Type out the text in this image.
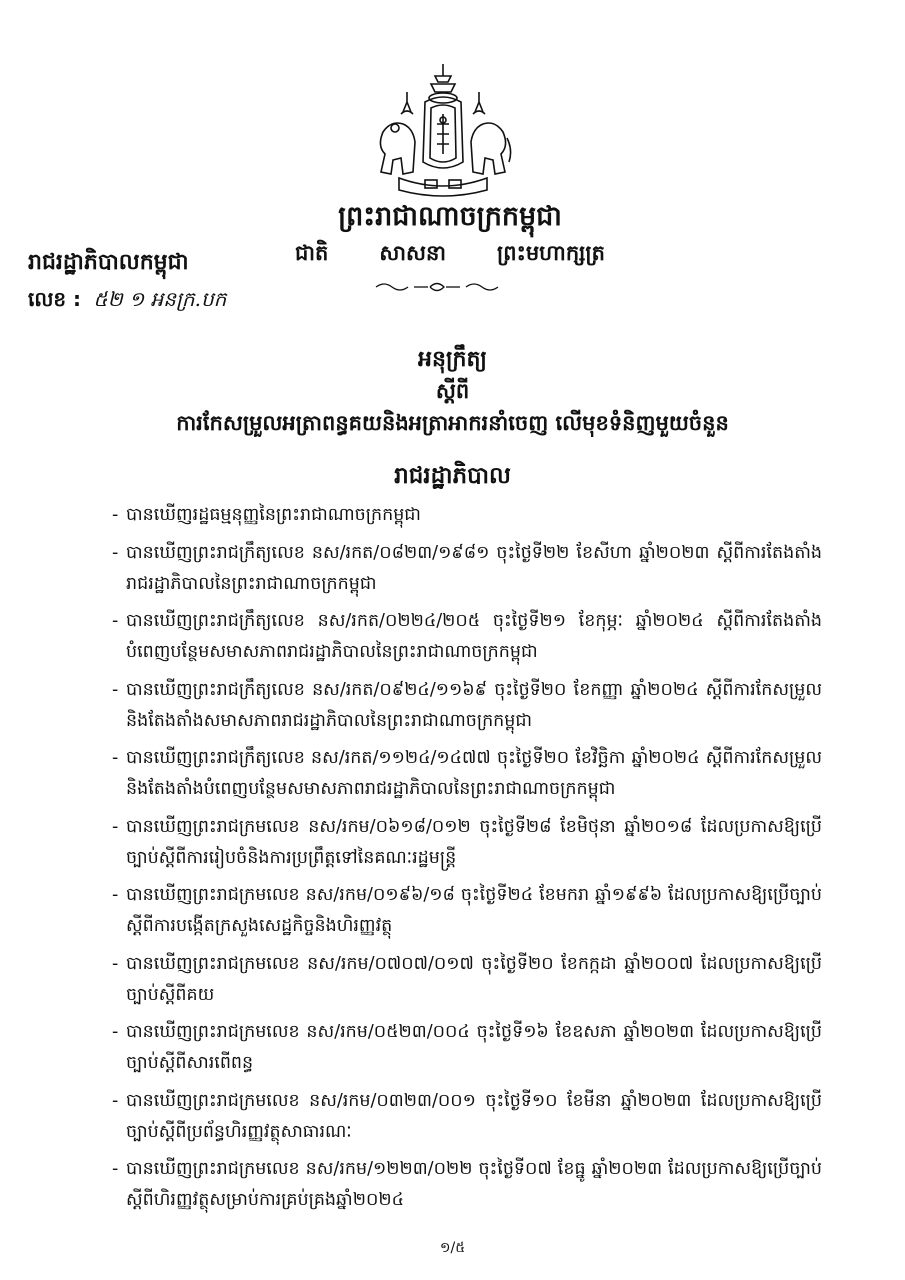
ព្រះរាជាណាចក្រកម្ពុជា
ជាតិ សាសនា ព្រះមហាក្សត្រ
រាជរដ្ឋាភិបាលកម្ពុជា
លេខ : ៥២ ១ អនក្រ.បក
អនុក្រឹត្យ
ស្ដីពី
ការកែសម្រួលអត្រាពន្ធគយនិងអត្រាអាករនាំចេញ លើមុខទំនិញមួយចំនួន
រាជរដ្ឋាភិបាល
- បានឃើញរដ្ឋធម្មនុញ្ញនៃព្រះរាជាណាចក្រកម្ពុជា
- បានឃើញព្រះរាជក្រឹត្យលេខ នស/រកត/០៨២៣/១៩៨១ ចុះថ្ងៃទី២២ ខែសីហា ឆ្នាំ២០២៣ ស្ដីពីការតែងតាំងរាជរដ្ឋាភិបាលនៃព្រះរាជាណាចក្រកម្ពុជា
- បានឃើញព្រះរាជក្រឹត្យលេខ នស/រកត/០២២៤/២០៥ ចុះថ្ងៃទី២១ ខែកុម្ភៈ ឆ្នាំ២០២៤ ស្ដីពីការតែងតាំងបំពេញបន្ថែមសមាសភាពរាជរដ្ឋាភិបាលនៃព្រះរាជាណាចក្រកម្ពុជា
- បានឃើញព្រះរាជក្រឹត្យលេខ នស/រកត/០៩២៤/១១៦៩ ចុះថ្ងៃទី២០ ខែកញ្ញា ឆ្នាំ២០២៤ ស្ដីពីការកែសម្រួលនិងតែងតាំងសមាសភាពរាជរដ្ឋាភិបាលនៃព្រះរាជាណាចក្រកម្ពុជា
- បានឃើញព្រះរាជក្រឹត្យលេខ នស/រកត/១១២៤/១៤៧៧ ចុះថ្ងៃទី២០ ខែវិច្ឆិកា ឆ្នាំ២០២៤ ស្ដីពីការកែសម្រួលនិងតែងតាំងបំពេញបន្ថែមសមាសភាពរាជរដ្ឋាភិបាលនៃព្រះរាជាណាចក្រកម្ពុជា
- បានឃើញព្រះរាជក្រមលេខ នស/រកម/០៦១៨/០១២ ចុះថ្ងៃទី២៨ ខែមិថុនា ឆ្នាំ២០១៨ ដែលប្រកាសឱ្យប្រើច្បាប់ស្ដីពីការរៀបចំនិងការប្រព្រឹត្តទៅនៃគណៈរដ្ឋមន្ត្រី
- បានឃើញព្រះរាជក្រមលេខ នស/រកម/០១៩៦/១៨ ចុះថ្ងៃទី២៤ ខែមករា ឆ្នាំ១៩៩៦ ដែលប្រកាសឱ្យប្រើច្បាប់ស្ដីពីការបង្កើតក្រសួងសេដ្ឋកិច្ចនិងហិរញ្ញវត្ថុ
- បានឃើញព្រះរាជក្រមលេខ នស/រកម/០៧០៧/០១៧ ចុះថ្ងៃទី២០ ខែកក្កដា ឆ្នាំ២០០៧ ដែលប្រកាសឱ្យប្រើច្បាប់ស្ដីពីគយ
- បានឃើញព្រះរាជក្រមលេខ នស/រកម/០៥២៣/០០៤ ចុះថ្ងៃទី១៦ ខែឧសភា ឆ្នាំ២០២៣ ដែលប្រកាសឱ្យប្រើច្បាប់ស្ដីពីសារពើពន្ធ
- បានឃើញព្រះរាជក្រមលេខ នស/រកម/០៣២៣/០០១ ចុះថ្ងៃទី១០ ខែមីនា ឆ្នាំ២០២៣ ដែលប្រកាសឱ្យប្រើច្បាប់ស្ដីពីប្រព័ន្ធហិរញ្ញវត្ថុសាធារណៈ
- បានឃើញព្រះរាជក្រមលេខ នស/រកម/១២២៣/០២២ ចុះថ្ងៃទី០៧ ខែធ្នូ ឆ្នាំ២០២៣ ដែលប្រកាសឱ្យប្រើច្បាប់ស្ដីពីហិរញ្ញវត្ថុសម្រាប់ការគ្រប់គ្រងឆ្នាំ២០២៤
១/៥
